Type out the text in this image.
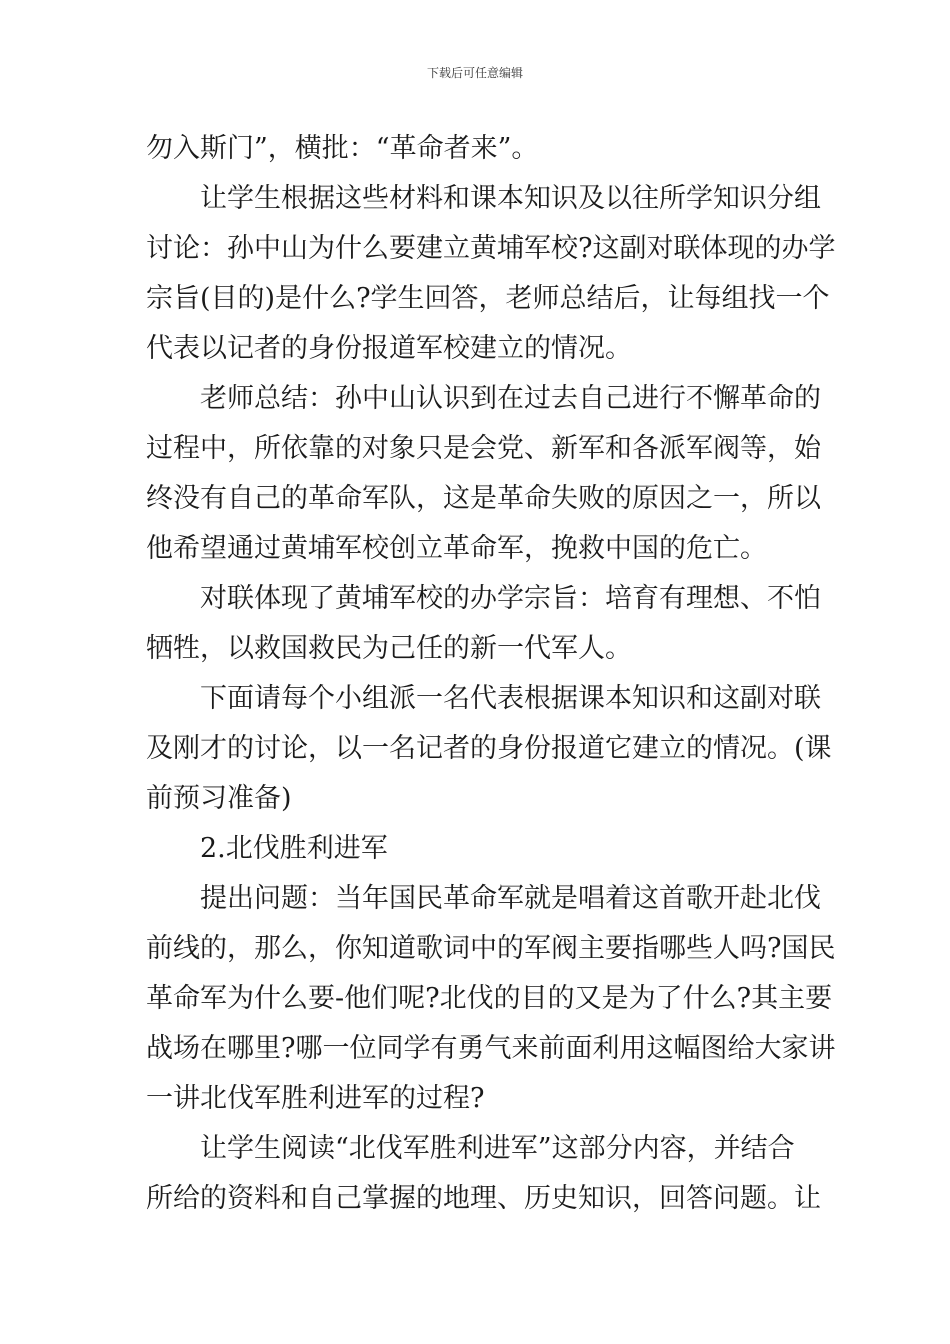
下载后可任意编辑
勿入斯门”，横批：“革命者来”。
让学生根据这些材料和课本知识及以往所学知识分组
讨论：孙中山为什么要建立黄埔军校?这副对联体现的办学
宗旨(目的)是什么?学生回答，老师总结后，让每组找一个
代表以记者的身份报道军校建立的情况。
老师总结：孙中山认识到在过去自己进行不懈革命的
过程中，所依靠的对象只是会党、新军和各派军阀等，始
终没有自己的革命军队，这是革命失败的原因之一，所以
他希望通过黄埔军校创立革命军，挽救中国的危亡。
对联体现了黄埔军校的办学宗旨：培育有理想、不怕
牺牲，以救国救民为己任的新一代军人。
下面请每个小组派一名代表根据课本知识和这副对联
及刚才的讨论，以一名记者的身份报道它建立的情况。(课
前预习准备)
2.北伐胜利进军
提出问题：当年国民革命军就是唱着这首歌开赴北伐
前线的，那么，你知道歌词中的军阀主要指哪些人吗?国民
革命军为什么要-他们呢?北伐的目的又是为了什么?其主要
战场在哪里?哪一位同学有勇气来前面利用这幅图给大家讲
一讲北伐军胜利进军的过程?
让学生阅读“北伐军胜利进军”这部分内容，并结合
所给的资料和自己掌握的地理、历史知识，回答问题。让
